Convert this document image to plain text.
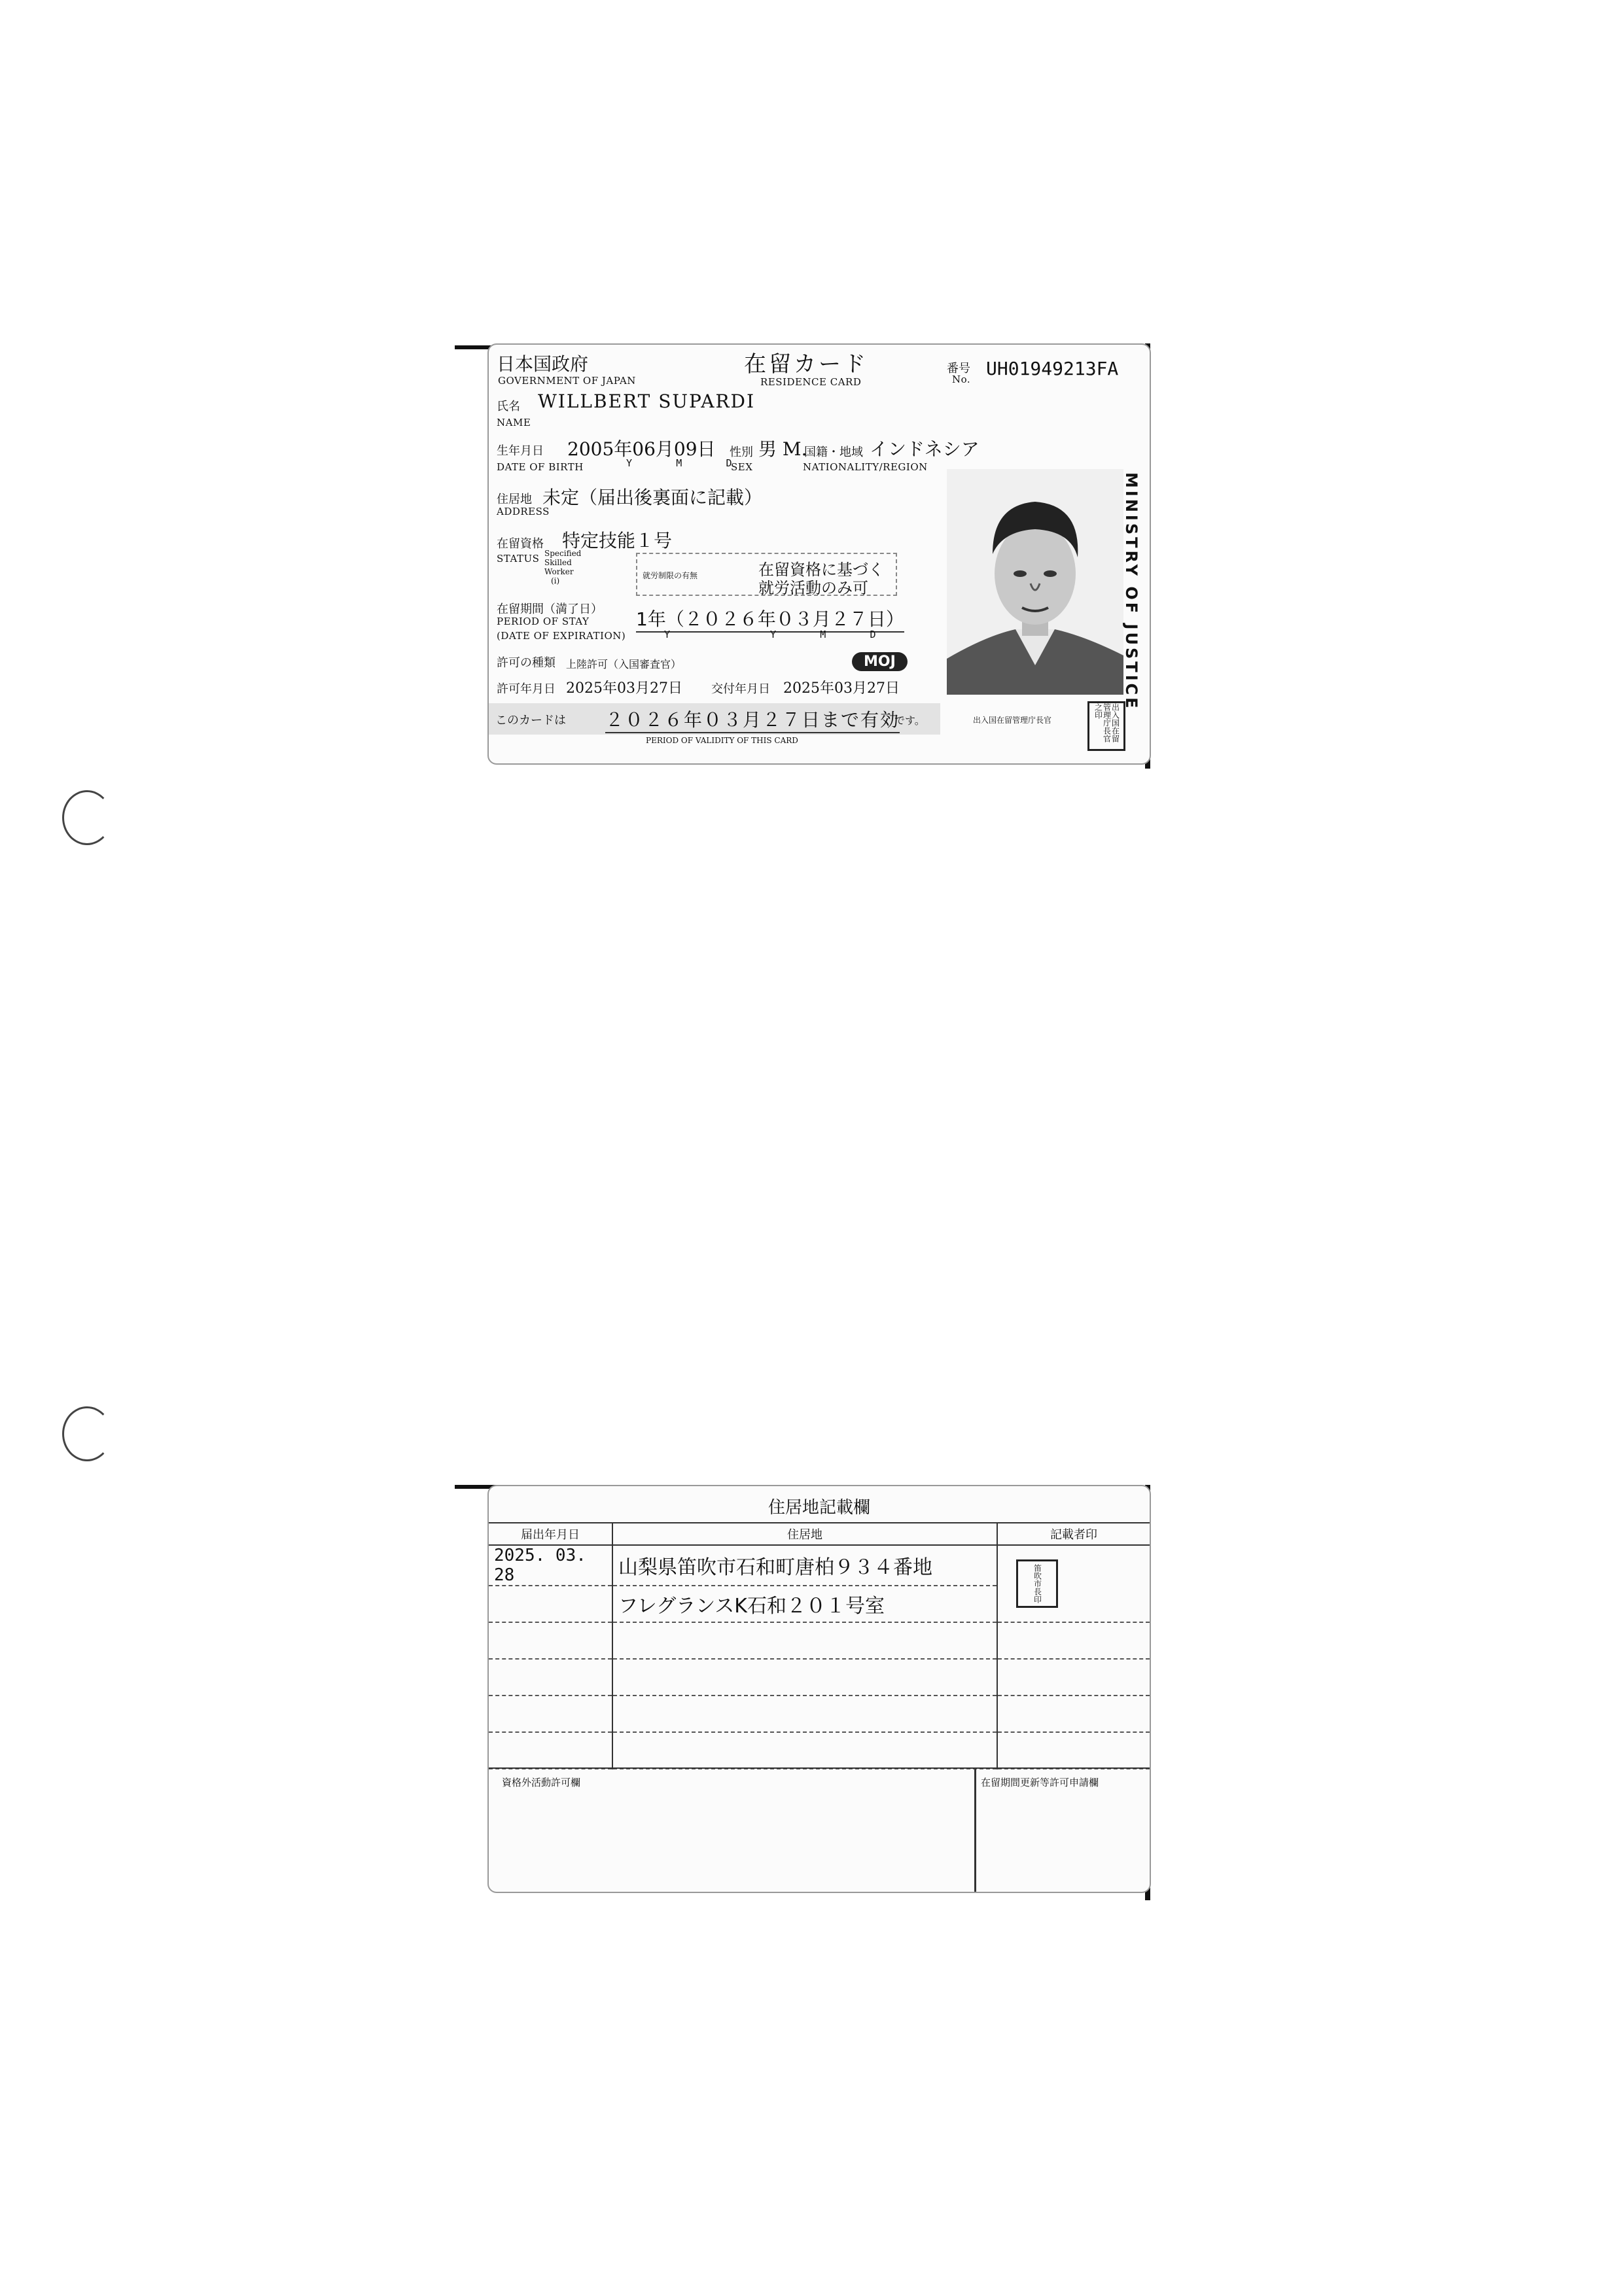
日本国政府
GOVERNMENT OF JAPAN
在留カード
RESIDENCE CARD
番号
No. UH01949213FA
氏名 WILLBERT SUPARDI
NAME
生年月日 2005年06月09日
DATE OF BIRTH	Y       M       D
性別 男 M.
SEX
国籍・地域 インドネシア
NATIONALITY/REGION
住居地 未定（届出後裏面に記載）
ADDRESS
在留資格 特定技能１号
STATUS Specified
Skilled
Worker
(i)
就労制限の有無	在留資格に基づく
就労活動のみ可
在留期間（満了日）
PERIOD OF STAY
(DATE OF EXPIRATION)
1年（２０２６年０３月２７日）
Y                Y       M       D
許可の種類 上陸許可（入国審査官）	MOJ
許可年月日 2025年03月27日 交付年月日 2025年03月27日
このカードは ２０２６年０３月２７日まで有効
です。
PERIOD OF VALIDITY OF THIS CARD
出入国在留管理庁長官	出入国在留管理庁長官之印
MINISTRY OF JUSTICE
住居地記載欄
届出年月日	住居地	記載者印
2025. 03. 28	山梨県笛吹市石和町唐柏９３４番地	笛吹市長印

	フレグランスK石和２０１号室	

資格外活動許可欄	在留期間更新等許可申請欄
